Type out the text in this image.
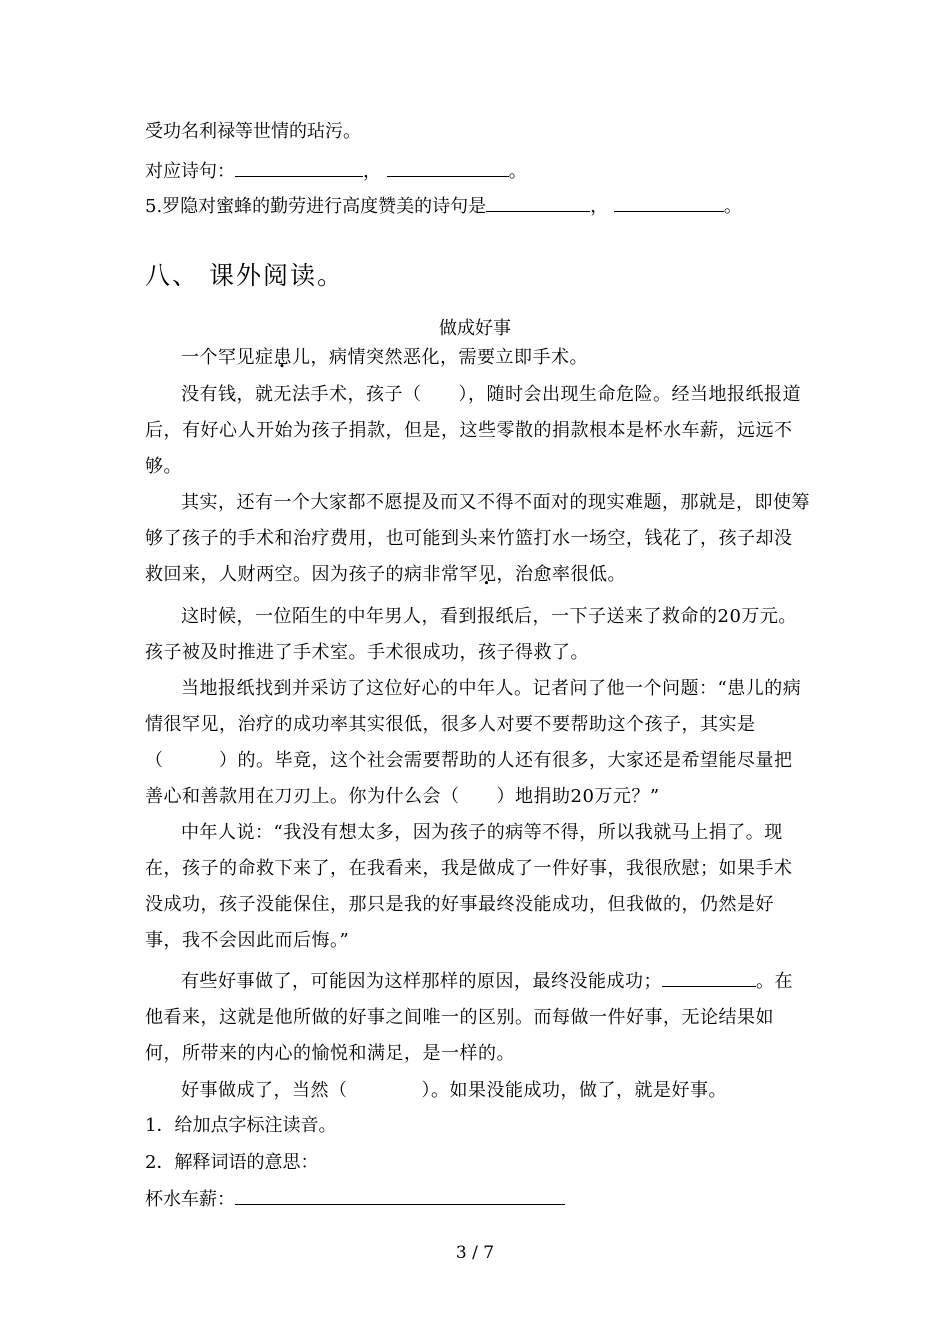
受功名利禄等世情的玷污。
对应诗句：	，	。
5.罗隐对蜜蜂的勤劳进行高度赞美的诗句是	，	。
八、 课外阅读。
做成好事
一个罕见症患儿，病情突然恶化，需要立即手术。
没有钱，就无法手术，孩子（　　），随时会出现生命危险。经当地报纸报道后，有好心人开始为孩子捐款，但是，这些零散的捐款根本是杯水车薪，远远不够。
其实，还有一个大家都不愿提及而又不得不面对的现实难题，那就是，即使筹够了孩子的手术和治疗费用，也可能到头来竹篮打水一场空，钱花了，孩子却没救回来，人财两空。因为孩子的病非常罕见，治愈率很低。
这时候，一位陌生的中年男人，看到报纸后，一下子送来了救命的20万元。孩子被及时推进了手术室。手术很成功，孩子得救了。
当地报纸找到并采访了这位好心的中年人。记者问了他一个问题：“患儿的病情很罕见，治疗的成功率其实很低，很多人对要不要帮助这个孩子，其实是（　　　）的。毕竟，这个社会需要帮助的人还有很多，大家还是希望能尽量把善心和善款用在刀刃上。你为什么会（　　）地捐助20万元？”
中年人说：“我没有想太多，因为孩子的病等不得，所以我就马上捐了。现在，孩子的命救下来了，在我看来，我是做成了一件好事，我很欣慰；如果手术没成功，孩子没能保住，那只是我的好事最终没能成功，但我做的，仍然是好事，我不会因此而后悔。”
有些好事做了，可能因为这样那样的原因，最终没能成功；	。在他看来，这就是他所做的好事之间唯一的区别。而每做一件好事，无论结果如何，所带来的内心的愉悦和满足，是一样的。
好事做成了，当然（　　　　）。如果没能成功，做了，就是好事。
1．给加点字标注读音。
2．解释词语的意思：
杯水车薪：
3 / 7
